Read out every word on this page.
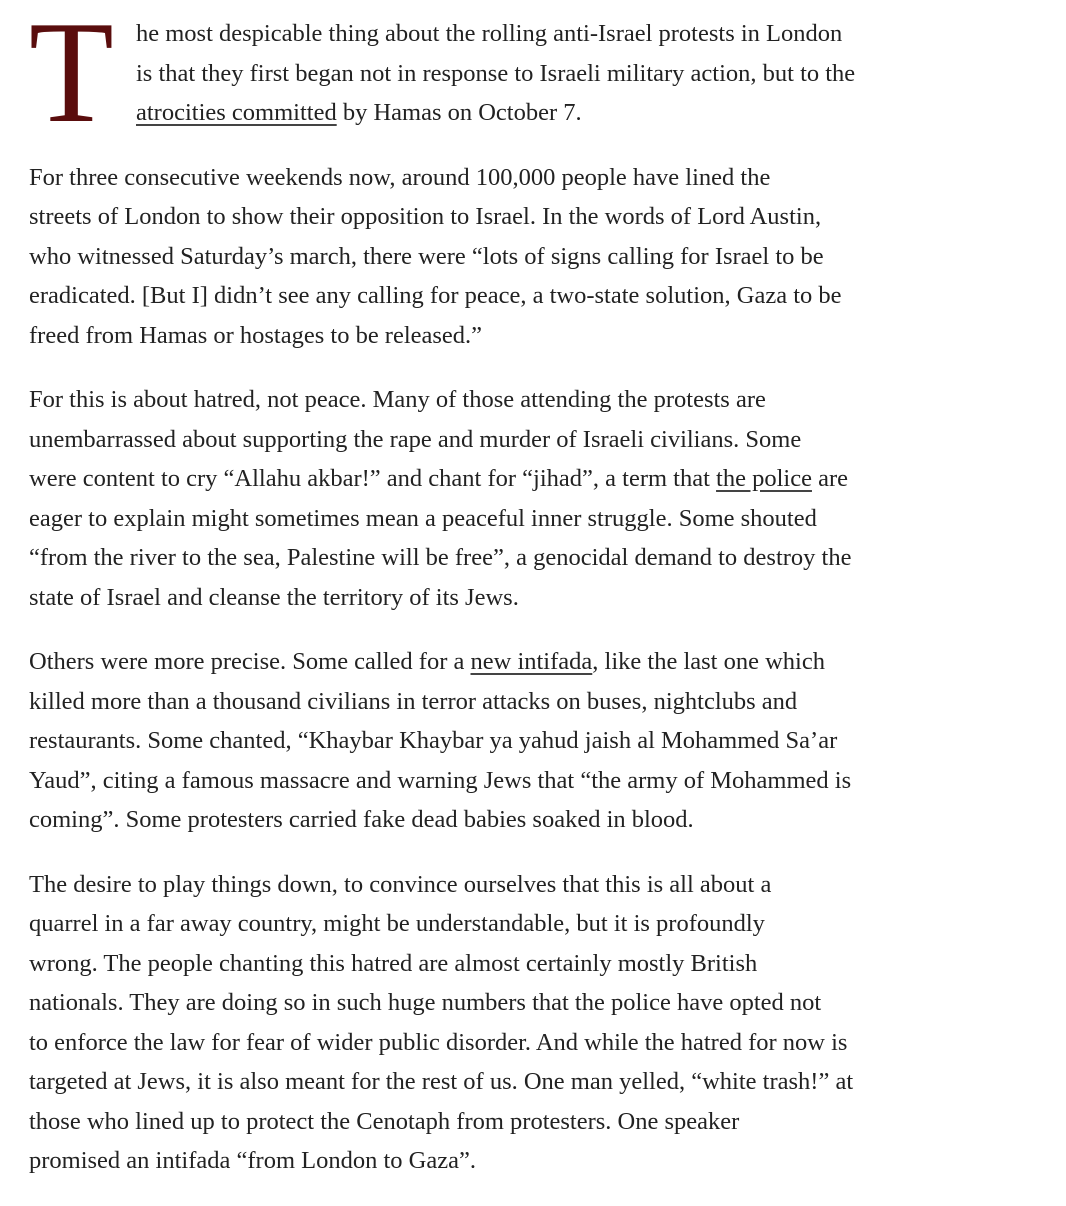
T he most despicable thing about the rolling anti-Israel protests in London
is that they first began not in response to Israeli military action, but to the
atrocities committed by Hamas on October 7.

For three consecutive weekends now, around 100,000 people have lined the
streets of London to show their opposition to Israel. In the words of Lord Austin,
who witnessed Saturday’s march, there were “lots of signs calling for Israel to be
eradicated. [But I] didn’t see any calling for peace, a two-state solution, Gaza to be
freed from Hamas or hostages to be released.”

For this is about hatred, not peace. Many of those attending the protests are
unembarrassed about supporting the rape and murder of Israeli civilians. Some
were content to cry “Allahu akbar!” and chant for “jihad”, a term that the police are
eager to explain might sometimes mean a peaceful inner struggle. Some shouted
“from the river to the sea, Palestine will be free”, a genocidal demand to destroy the
state of Israel and cleanse the territory of its Jews.

Others were more precise. Some called for a new intifada, like the last one which
killed more than a thousand civilians in terror attacks on buses, nightclubs and
restaurants. Some chanted, “Khaybar Khaybar ya yahud jaish al Mohammed Sa’ar
Yaud”, citing a famous massacre and warning Jews that “the army of Mohammed is
coming”. Some protesters carried fake dead babies soaked in blood.

The desire to play things down, to convince ourselves that this is all about a
quarrel in a far away country, might be understandable, but it is profoundly
wrong. The people chanting this hatred are almost certainly mostly British
nationals. They are doing so in such huge numbers that the police have opted not
to enforce the law for fear of wider public disorder. And while the hatred for now is
targeted at Jews, it is also meant for the rest of us. One man yelled, “white trash!” at
those who lined up to protect the Cenotaph from protesters. One speaker
promised an intifada “from London to Gaza”.
